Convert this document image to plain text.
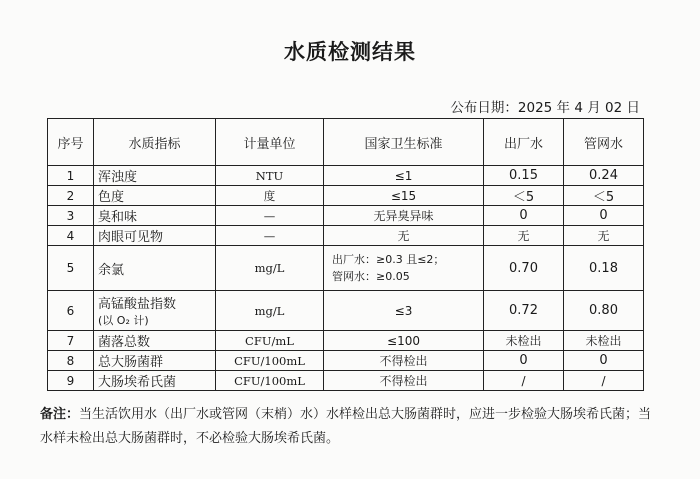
水质检测结果
公布日期：2025 年 4 月 02 日
序号	水质指标	计量单位	国家卫生标准	出厂水	管网水
1	浑浊度	NTU	≤1	0.15	0.24
2	色度	度	≤15	＜5	＜5
3	臭和味	—	无异臭异味	0	0
4	肉眼可见物	—	无	无	无
5	余氯	mg/L	出厂水：≥0.3 且≤2；
管网水：≥0.05	0.70	0.18
6	高锰酸盐指数
(以 O₂ 计)	mg/L	≤3	0.72	0.80
7	菌落总数	CFU/mL	≤100	未检出	未检出
8	总大肠菌群	CFU/100mL	不得检出	0	0
9	大肠埃希氏菌	CFU/100mL	不得检出	/	/
备注：当生活饮用水（出厂水或管网（末梢）水）水样检出总大肠菌群时，应进一步检验大肠埃希氏菌；当水样未检出总大肠菌群时，不必检验大肠埃希氏菌。
